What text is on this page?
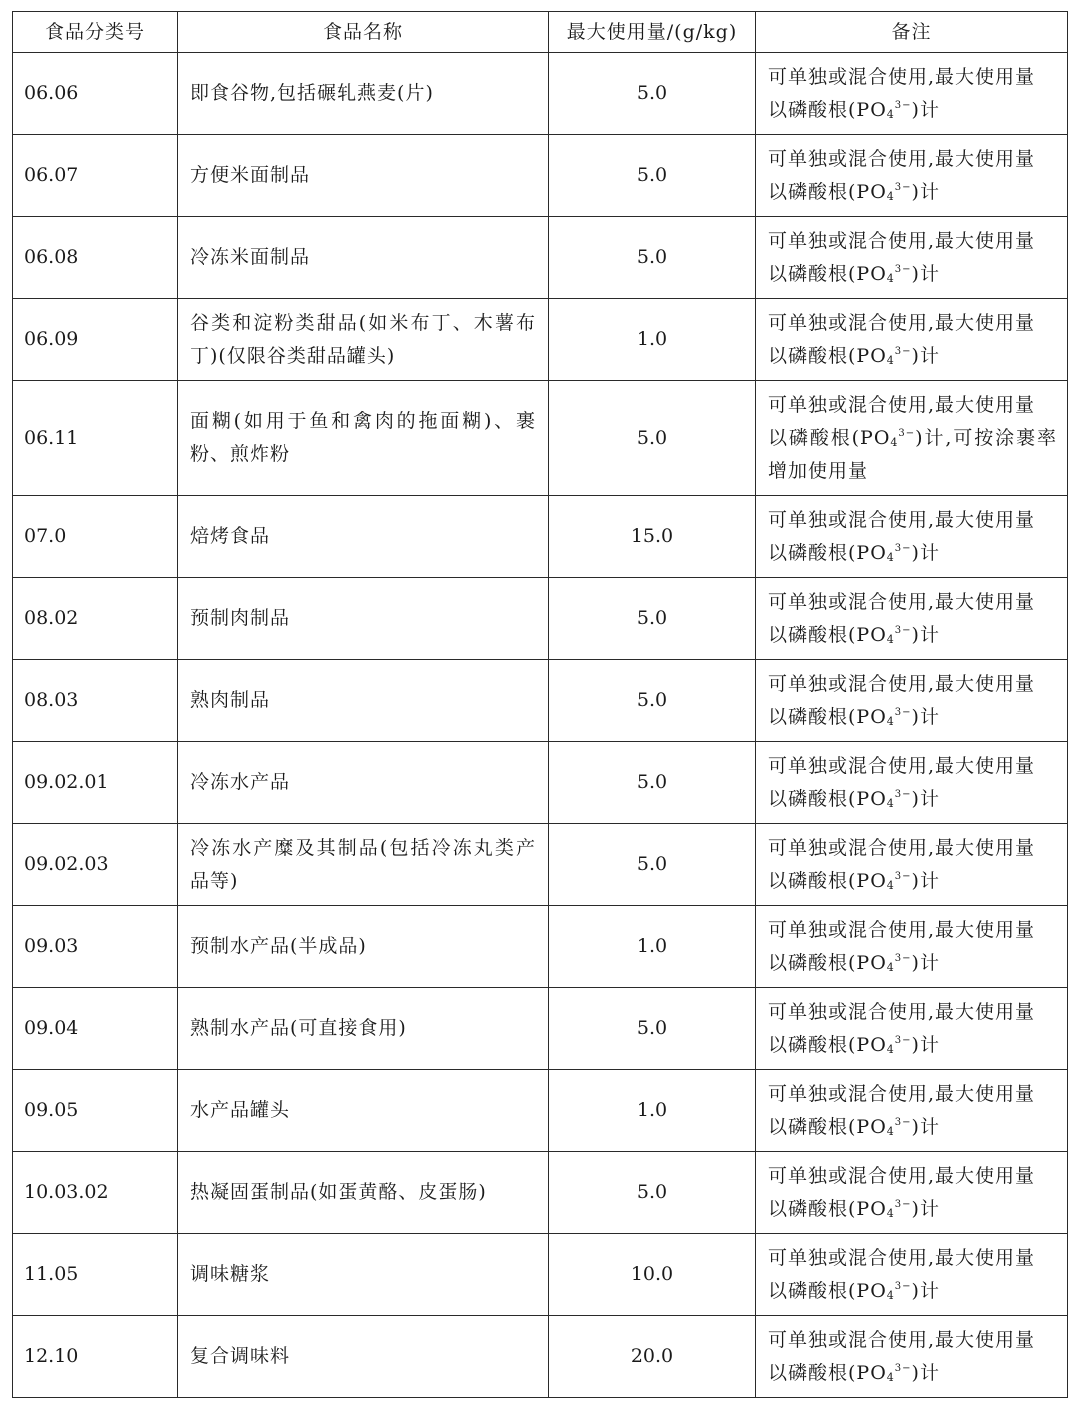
食品分类号	食品名称	最大使用量/(g/kg)	备注
06.06	即食谷物,包括碾轧燕麦(片)	5.0	可单独或混合使用,最大使用量
以磷酸根$(PO_4^{3-})$计

06.07	方便米面制品	5.0	可单独或混合使用,最大使用量
以磷酸根$(PO_4^{3-})$计

06.08	冷冻米面制品	5.0	可单独或混合使用,最大使用量
以磷酸根$(PO_4^{3-})$计

06.09	谷类和淀粉类甜品(如米布丁、木薯布丁)(仅限谷类甜品罐头)	1.0	可单独或混合使用,最大使用量
以磷酸根$(PO_4^{3-})$计

06.11	面糊(如用于鱼和禽肉的拖面糊)、裹粉、煎炸粉	5.0	可单独或混合使用,最大使用量
以磷酸根$(PO_4^{3-})$计,可按涂裹率增加使用量

07.0	焙烤食品	15.0	可单独或混合使用,最大使用量
以磷酸根$(PO_4^{3-})$计

08.02	预制肉制品	5.0	可单独或混合使用,最大使用量
以磷酸根$(PO_4^{3-})$计

08.03	熟肉制品	5.0	可单独或混合使用,最大使用量
以磷酸根$(PO_4^{3-})$计

09.02.01	冷冻水产品	5.0	可单独或混合使用,最大使用量
以磷酸根$(PO_4^{3-})$计

09.02.03	冷冻水产糜及其制品(包括冷冻丸类产品等)	5.0	可单独或混合使用,最大使用量
以磷酸根$(PO_4^{3-})$计

09.03	预制水产品(半成品)	1.0	可单独或混合使用,最大使用量
以磷酸根$(PO_4^{3-})$计

09.04	熟制水产品(可直接食用)	5.0	可单独或混合使用,最大使用量
以磷酸根$(PO_4^{3-})$计

09.05	水产品罐头	1.0	可单独或混合使用,最大使用量
以磷酸根$(PO_4^{3-})$计

10.03.02	热凝固蛋制品(如蛋黄酪、皮蛋肠)	5.0	可单独或混合使用,最大使用量
以磷酸根$(PO_4^{3-})$计

11.05	调味糖浆	10.0	可单独或混合使用,最大使用量
以磷酸根$(PO_4^{3-})$计

12.10	复合调味料	20.0	可单独或混合使用,最大使用量
以磷酸根$(PO_4^{3-})$计
